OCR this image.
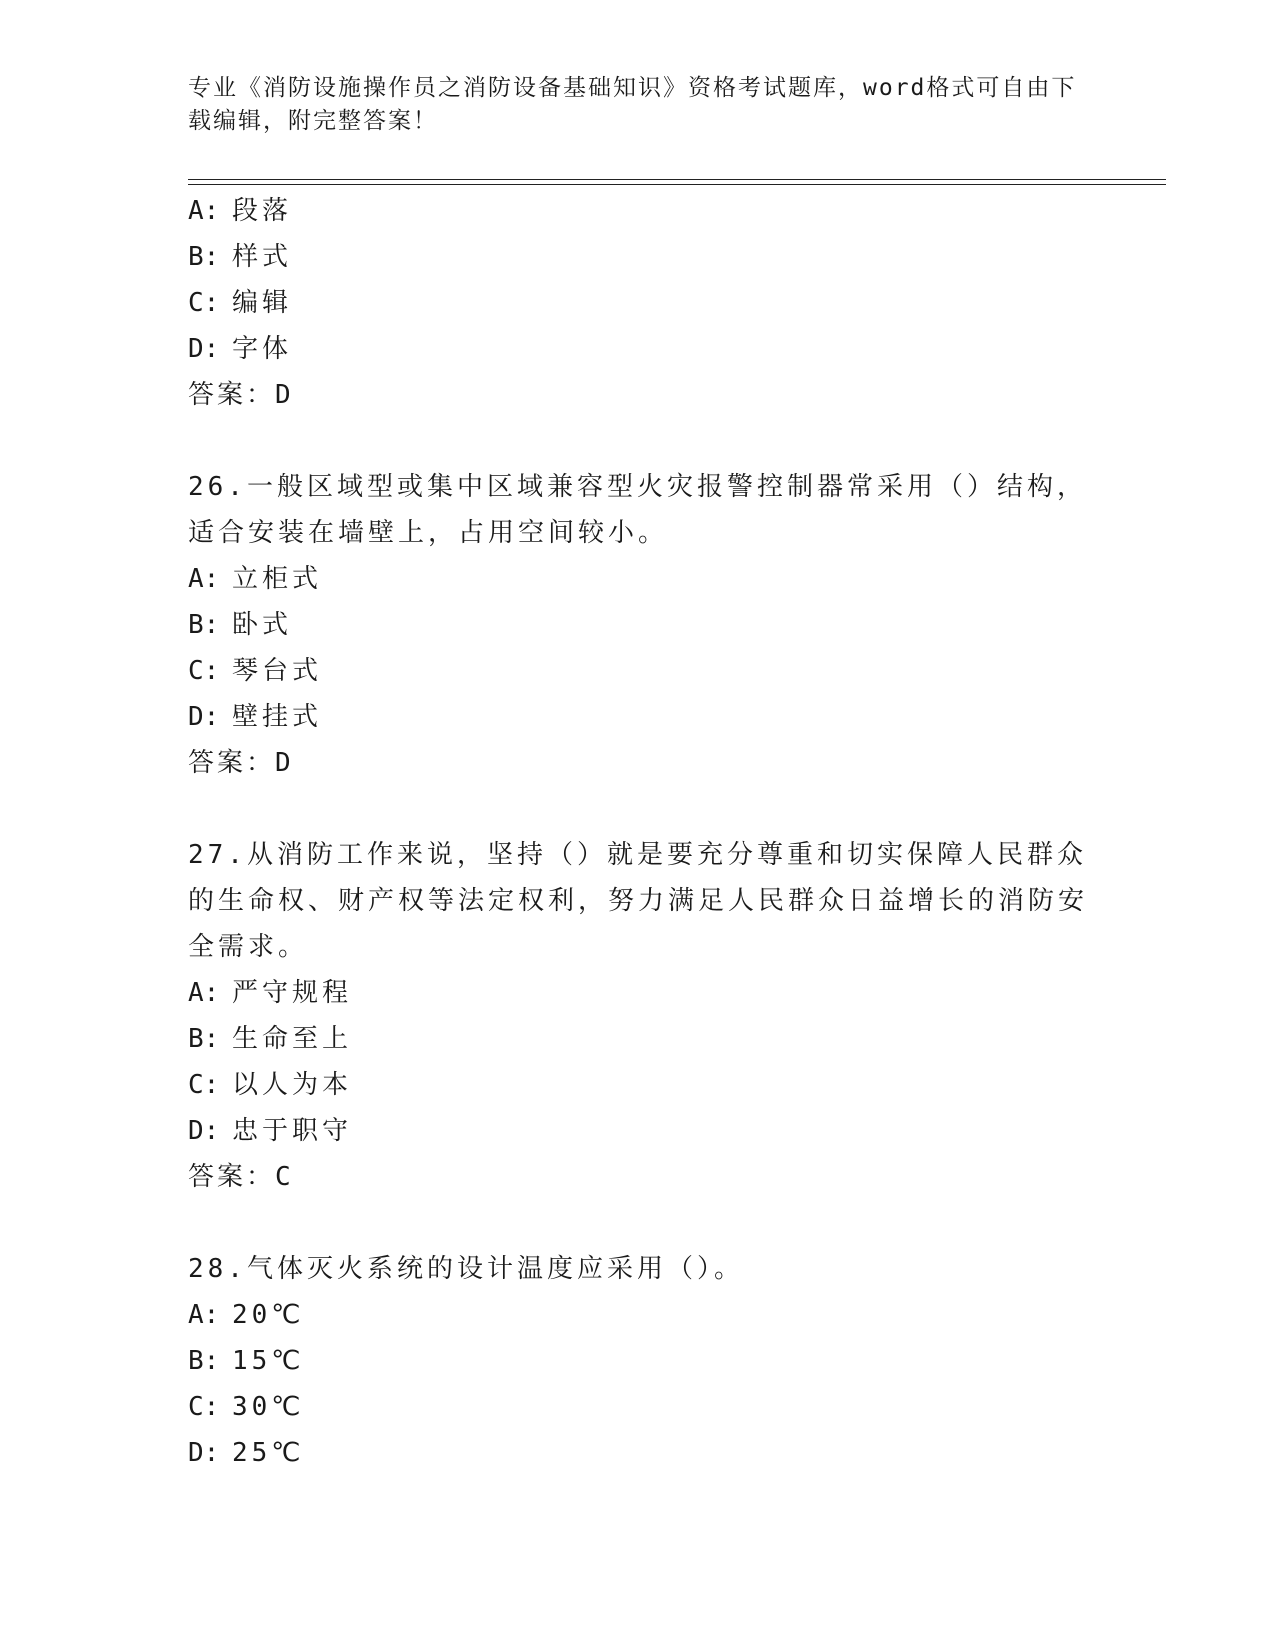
专业《消防设施操作员之消防设备基础知识》资格考试题库，word格式可自由下载编辑，附完整答案！

A: 段落
B: 样式
C: 编辑
D: 字体
答案：D

26.一般区域型或集中区域兼容型火灾报警控制器常采用（）结构，适合安装在墙壁上，占用空间较小。

A: 立柜式
B: 卧式
C: 琴台式
D: 壁挂式
答案：D

27.从消防工作来说，坚持（）就是要充分尊重和切实保障人民群众的生命权、财产权等法定权利，努力满足人民群众日益增长的消防安全需求。

A: 严守规程
B: 生命至上
C: 以人为本
D: 忠于职守
答案：C

28.气体灭火系统的设计温度应采用（）。

A: 20℃
B: 15℃
C: 30℃
D: 25℃
